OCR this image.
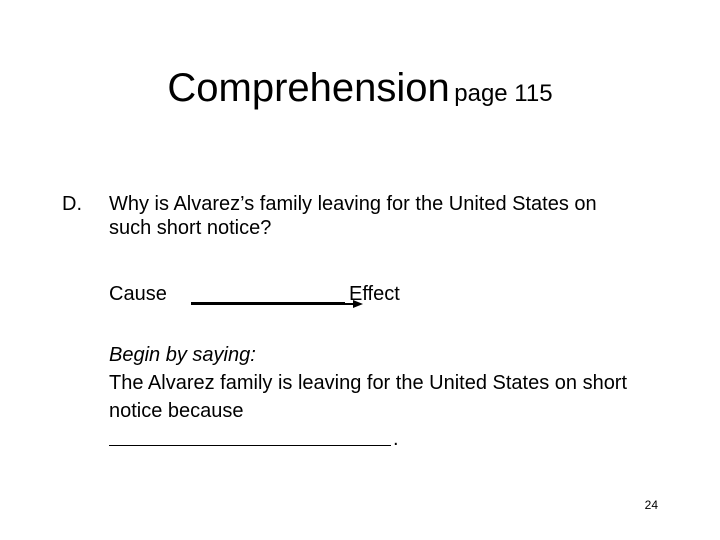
Comprehension page 115
D. Why is Alvarez’s family leaving for the United States on such short notice?
Cause	Effect
Begin by saying:
The Alvarez family is leaving for the United States on short notice because
.
24
